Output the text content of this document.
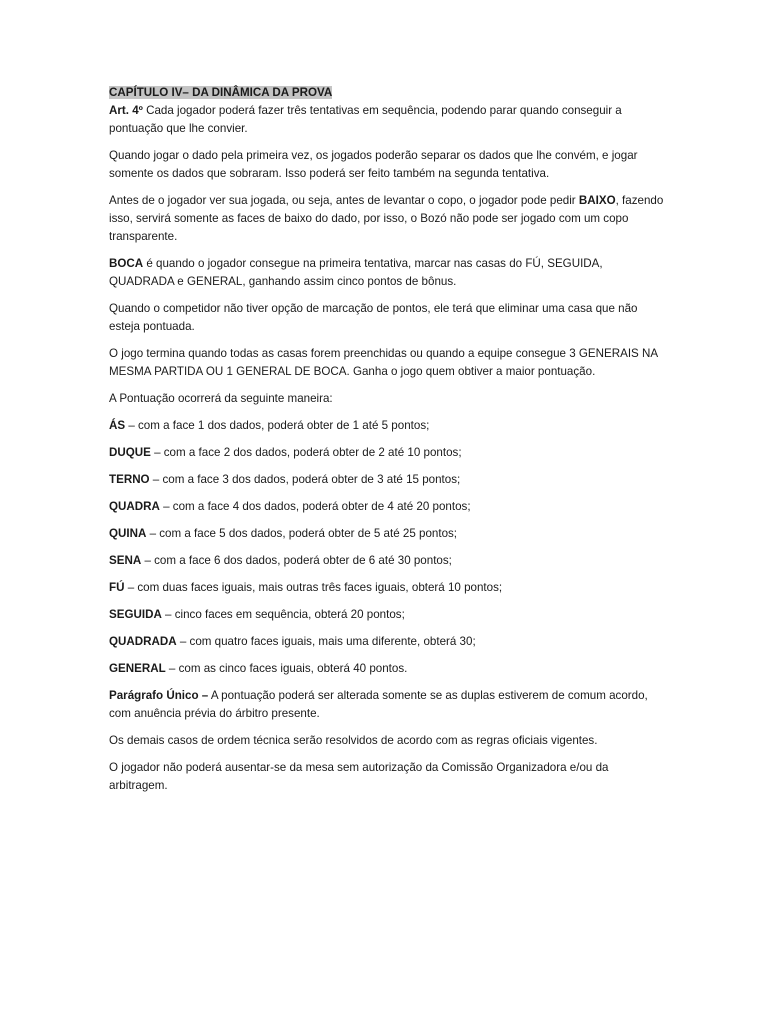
CAPÍTULO IV– DA DINÂMICA DA PROVA

Art. 4º Cada jogador poderá fazer três tentativas em sequência, podendo parar quando conseguir a pontuação que lhe convier.

Quando jogar o dado pela primeira vez, os jogados poderão separar os dados que lhe convém, e jogar somente os dados que sobraram. Isso poderá ser feito também na segunda tentativa.

Antes de o jogador ver sua jogada, ou seja, antes de levantar o copo, o jogador pode pedir BAIXO, fazendo isso, servirá somente as faces de baixo do dado, por isso, o Bozó não pode ser jogado com um copo transparente.

BOCA é quando o jogador consegue na primeira tentativa, marcar nas casas do FÚ, SEGUIDA, QUADRADA e GENERAL, ganhando assim cinco pontos de bônus.

Quando o competidor não tiver opção de marcação de pontos, ele terá que eliminar uma casa que não esteja pontuada.

O jogo termina quando todas as casas forem preenchidas ou quando a equipe consegue 3 GENERAIS NA MESMA PARTIDA OU 1 GENERAL DE BOCA. Ganha o jogo quem obtiver a maior pontuação.

A Pontuação ocorrerá da seguinte maneira:

ÁS – com a face 1 dos dados, poderá obter de 1 até 5 pontos;

DUQUE – com a face 2 dos dados, poderá obter de 2 até 10 pontos;

TERNO – com a face 3 dos dados, poderá obter de 3 até 15 pontos;

QUADRA – com a face 4 dos dados, poderá obter de 4 até 20 pontos;

QUINA – com a face 5 dos dados, poderá obter de 5 até 25 pontos;

SENA – com a face 6 dos dados, poderá obter de 6 até 30 pontos;

FÚ – com duas faces iguais, mais outras três faces iguais, obterá 10 pontos;

SEGUIDA – cinco faces em sequência, obterá 20 pontos;

QUADRADA – com quatro faces iguais, mais uma diferente, obterá 30;

GENERAL – com as cinco faces iguais, obterá 40 pontos.

Parágrafo Único – A pontuação poderá ser alterada somente se as duplas estiverem de comum acordo, com anuência prévia do árbitro presente.

Os demais casos de ordem técnica serão resolvidos de acordo com as regras oficiais vigentes.

O jogador não poderá ausentar-se da mesa sem autorização da Comissão Organizadora e/ou da arbitragem.
